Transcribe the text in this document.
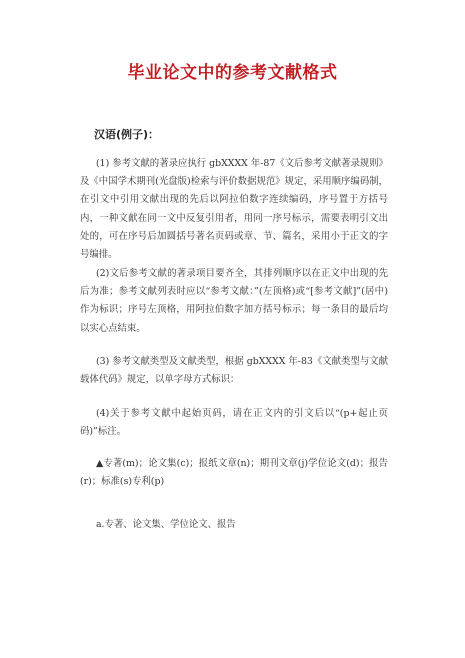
毕业论文中的参考文献格式
汉语(例子)：

(1) 参考文献的著录应执行 gbXXXX 年-87《文后参考文献著录规则》及《中国学术期刊(光盘版)检索与评价数据规范》规定，采用顺序编码制，在引文中引用文献出现的先后以阿拉伯数字连续编码，序号置于方括号内，一种文献在同一文中反复引用者，用同一序号标示，需要表明引文出处的，可在序号后加圆括号著名页码或章、节、篇名，采用小于正文的字号编排。

(2)文后参考文献的著录项目要齐全，其排列顺序以在正文中出现的先后为准；参考文献列表时应以“参考文献：”(左顶格)或“[参考文献]”(居中)作为标识；序号左顶格，用阿拉伯数字加方括号标示；每一条目的最后均以实心点结束。

(3) 参考文献类型及文献类型，根据 gbXXXX 年-83《文献类型与文献载体代码》规定，以单字母方式标识：

(4)关于参考文献中起始页码，请在正文内的引文后以“(p+起止页码)”标注。

▲专著(m)；论文集(c)；报纸文章(n)；期刊文章(j)学位论文(d)；报告(r)；标准(s)专利(p)

a.专著、论文集、学位论文、报告
